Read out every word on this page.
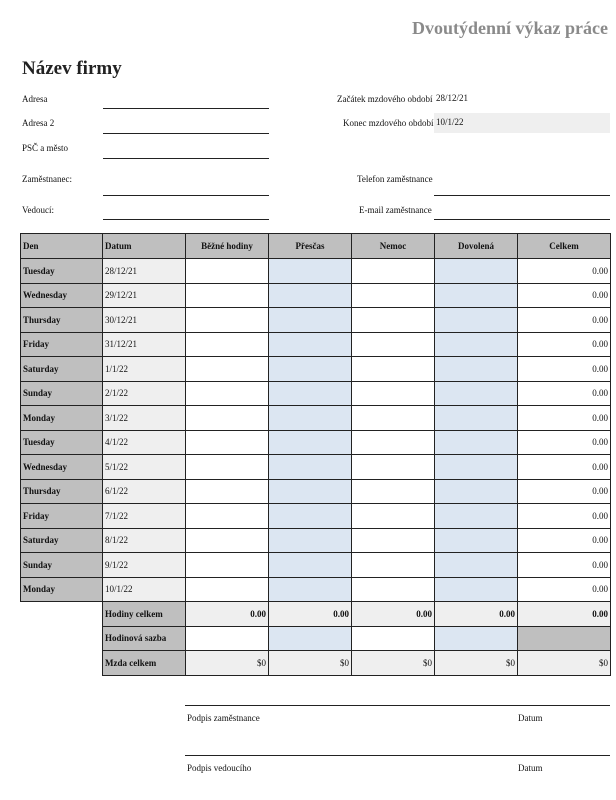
Dvoutýdenní výkaz práce
Název firmy
Adresa
Adresa 2
PSČ a město
Zaměstnanec:
Vedoucí:
Začátek mzdového období 28/12/21
Konec mzdového období 10/1/22
Telefon zaměstnance
E-mail zaměstnance
Den	Datum	Běžné hodiny	Přesčas	Nemoc	Dovolená	Celkem
Tuesday	28/12/21					0.00
Wednesday	29/12/21					0.00
Thursday	30/12/21					0.00
Friday	31/12/21					0.00
Saturday	1/1/22					0.00
Sunday	2/1/22					0.00
Monday	3/1/22					0.00
Tuesday	4/1/22					0.00
Wednesday	5/1/22					0.00
Thursday	6/1/22					0.00
Friday	7/1/22					0.00
Saturday	8/1/22					0.00
Sunday	9/1/22					0.00
Monday	10/1/22					0.00
	Hodiny celkem	0.00	0.00	0.00	0.00	0.00
	Hodinová sazba					
	Mzda celkem	$0	$0	$0	$0	$0
Podpis zaměstnance	Datum
Podpis vedoucího	Datum
